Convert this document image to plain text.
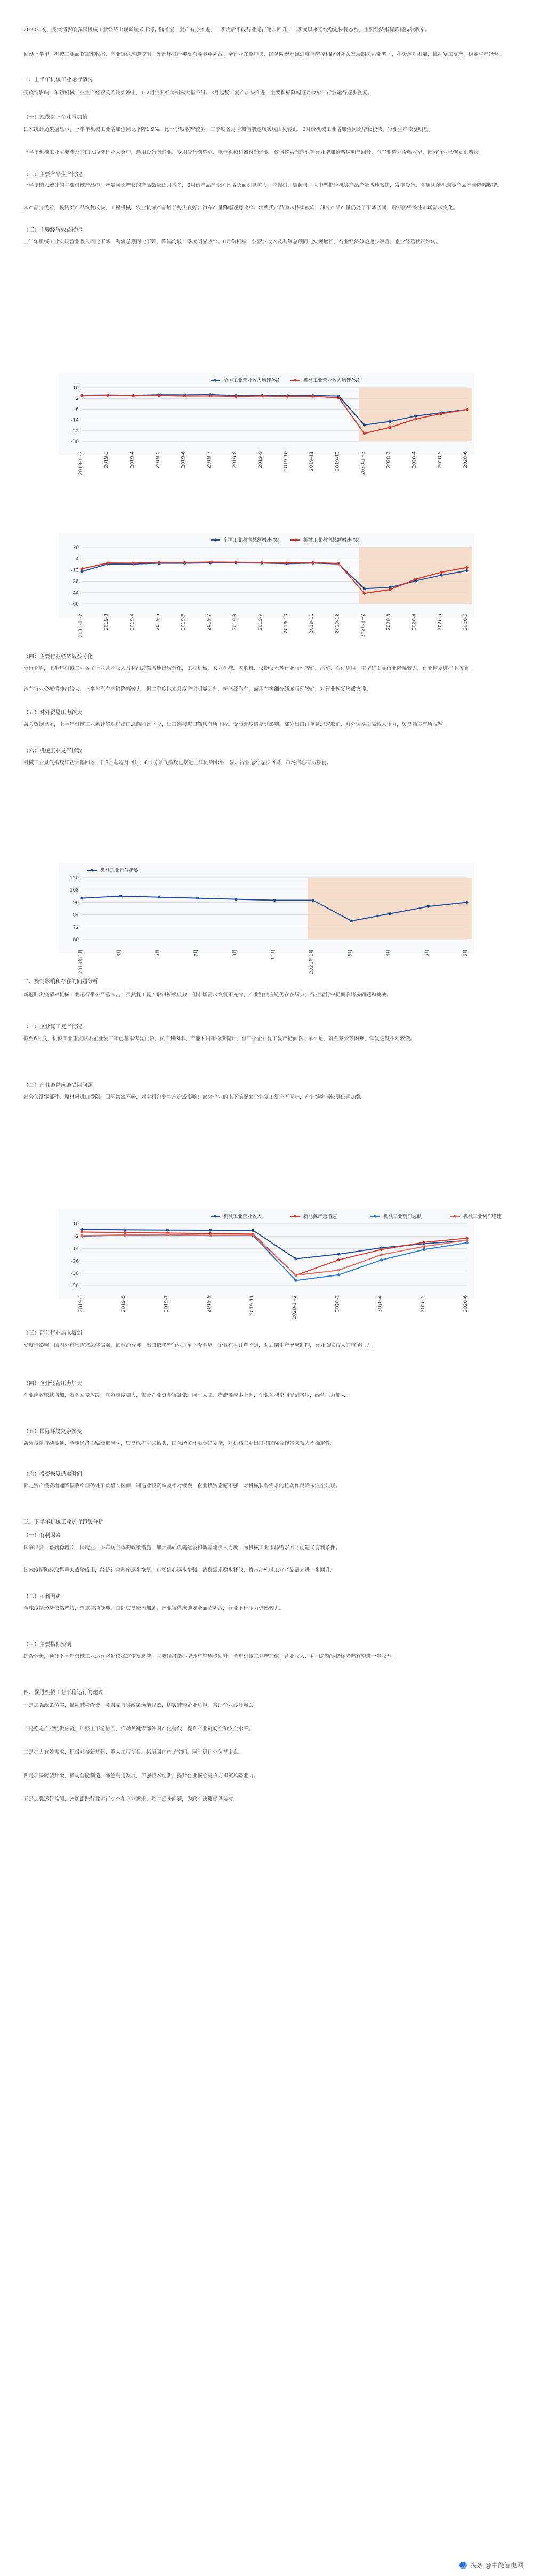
2020年初，受疫情影响我国机械工业经济出现断崖式下滑。随着复工复产有序推进，一季度后半段行业运行逐步回升，二季度以来延续稳定恢复态势，主要经济指标降幅持续收窄。
回顾上半年，机械工业面临需求收缩、产业链供应链受阻、外部环境严峻复杂等多重挑战。全行业在党中央、国务院统筹推进疫情防控和经济社会发展的决策部署下，积极应对困难，推动复工复产、稳定生产经营。
一、上半年机械工业运行情况
受疫情影响，年初机械工业生产经营受到较大冲击，1-2月主要经济指标大幅下滑。3月起复工复产加快推进，主要指标降幅逐月收窄，行业运行逐步恢复。
（一）规模以上企业增加值
国家统计局数据显示，上半年机械工业增加值同比下降1.9%，比一季度收窄较多，二季度各月增加值增速均实现由负转正，6月份机械工业增加值同比增长较快，行业生产恢复明显。
上半年机械工业主要涉及的国民经济行业大类中，通用设备制造业、专用设备制造业、电气机械和器材制造业、仪器仪表制造业等行业增加值增速明显回升，汽车制造业降幅收窄，部分行业已恢复正增长。
（二）主要产品生产情况
上半年纳入统计的主要机械产品中，产量同比增长的产品数量逐月增多，6月份产品产量同比增长面明显扩大，挖掘机、装载机、大中型拖拉机等产品产量增速较快，发电设备、金属切削机床等产品产量降幅收窄。
从产品分类看，投资类产品恢复较快，工程机械、农业机械产品增长势头良好；汽车产量降幅逐月收窄；消费类产品需求持续疲软，部分产品产量仍处于下降区间，后期仍需关注市场需求变化。
（三）主要经济效益指标
上半年机械工业实现营业收入同比下降，利润总额同比下降，降幅均较一季度明显收窄。6月份机械工业营业收入及利润总额同比实现增长，行业经济效益逐步改善，企业经营状况好转。
-30
-22
-14
-6
2
10
2019-1~2	2019-3	2019-4	2019-5	2019-6	2019-7	2019-8	2019-9	2019-10	2019-11	2019-12	2020-1~2	2020-3	2020-4	2020-5	2020-6
全国工业营业收入增速(%)	机械工业营业收入增速(%)
-60
-44
-28
-12
4
20
2019-1~2	2019-3	2019-4	2019-5	2019-6	2019-7	2019-8	2019-9	2019-10	2019-11	2019-12	2020-1~2	2020-3	2020-4	2020-5	2020-6
全国工业利润总额增速(%)	机械工业利润总额增速(%)
（四）主要行业经济效益分化
分行业看，上半年机械工业各子行业营业收入及利润总额增速出现分化，工程机械、农业机械、内燃机、仪器仪表等行业表现较好，汽车、石化通用、重型矿山等行业降幅较大，行业恢复进程不均衡。
汽车行业受疫情冲击较大，上半年汽车产销降幅较大，但二季度以来月度产销明显回升，新能源汽车、商用车等细分领域表现较好，对行业恢复形成支撑。
（五）对外贸易压力较大
海关数据显示，上半年机械工业累计实现进出口总额同比下降，出口额与进口额均有所下降。受海外疫情蔓延影响，部分出口订单延迟或取消，对外贸易面临较大压力，贸易顺差有所收窄。
（六）机械工业景气指数
机械工业景气指数年初大幅回落，自3月起逐月回升，6月份景气指数已接近上年同期水平，显示行业运行逐步回暖，市场信心有所恢复。
60
72
84
96
108
120
2019年1月	3月	5月	7月	9月	11月	2020年1月	3月	4月	5月	6月
机械工业景气指数
二、疫情影响和存在的问题分析
新冠肺炎疫情对机械工业运行带来严重冲击，虽然复工复产取得积极成效，但市场需求恢复不充分、产业链供应链仍存在堵点，行业运行中仍面临诸多问题和挑战。
（一）企业复工复产情况
截至6月底，机械工业重点联系企业复工率已基本恢复正常，员工到岗率、产能利用率稳步提升，但中小企业复工复产仍面临订单不足、资金紧张等困难，恢复速度相对较慢。
（二）产业链供应链受阻问题
部分关键零部件、原材料进口受阻，国际物流不畅，对主机企业生产造成影响；部分企业的上下游配套企业复工复产不同步，产业链协同恢复仍需加强。
-50
-38
-26
-14
-2
10
2019-3	2019-5	2019-7	2019-9	2019-11	2020-1~2	2020-3	2020-4	2020-5	2020-6
机械工业营业收入	新能源产量增速	机械工业利润总额	机械工业利润增速
（三）部分行业需求疲弱
受疫情影响，国内外市场需求总体偏弱，部分消费类、出口依赖型行业订单下降明显。企业在手订单不足，对后期生产形成制约，行业面临较大的市场压力。
（四）企业经营压力加大
企业应收账款增加，资金回笼放缓，融资难度加大，部分企业资金链紧张。同时人工、物流等成本上升，企业盈利空间受到挤压，经营压力加大。
（五）国际环境复杂多变
海外疫情持续蔓延，全球经济面临衰退风险，贸易保护主义抬头，国际经贸环境更趋复杂，对机械工业出口和国际合作带来较大不确定性。
（六）投资恢复仍需时间
固定资产投资增速降幅收窄但仍处于负增长区间，制造业投资恢复相对缓慢，企业投资意愿不强，对机械装备需求的拉动作用尚未完全显现。
三、下半年机械工业运行趋势分析
（一）有利因素
国家出台一系列稳增长、保就业、保市场主体的政策措施，加大基础设施建设和新基建投入力度，为机械工业市场需求回升创造了有利条件。
国内疫情防控取得重大战略成果，经济社会秩序逐步恢复，市场信心逐步增强，消费需求稳步释放，将带动机械工业产品需求进一步回升。
（二）不利因素
全球疫情形势依然严峻，外需持续低迷，国际贸易摩擦加剧，产业链供应链安全面临挑战，行业下行压力仍然较大。
（三）主要指标预测
综合分析，预计下半年机械工业运行将延续稳定恢复态势，主要经济指标增速有望逐步回升，全年机械工业增加值、营业收入、利润总额等指标降幅有望进一步收窄。
四、促进机械工业平稳运行的建议
一是加强政策落实，推动减税降费、金融支持等政策落地见效，切实减轻企业负担，帮助企业渡过难关。
二是稳定产业链供应链，加强上下游协同，推动关键零部件国产化替代，提升产业链韧性和安全水平。
三是扩大有效需求，积极对接新基建、重大工程项目，拓展国内市场空间，同时稳住外贸基本盘。
四是加快转型升级，推动智能制造、绿色制造发展，加强技术创新，提升行业核心竞争力和抗风险能力。
五是加强运行监测，密切跟踪行业运行动态和企业诉求，及时反映问题，为政府决策提供参考。
头条 @中能智电网
